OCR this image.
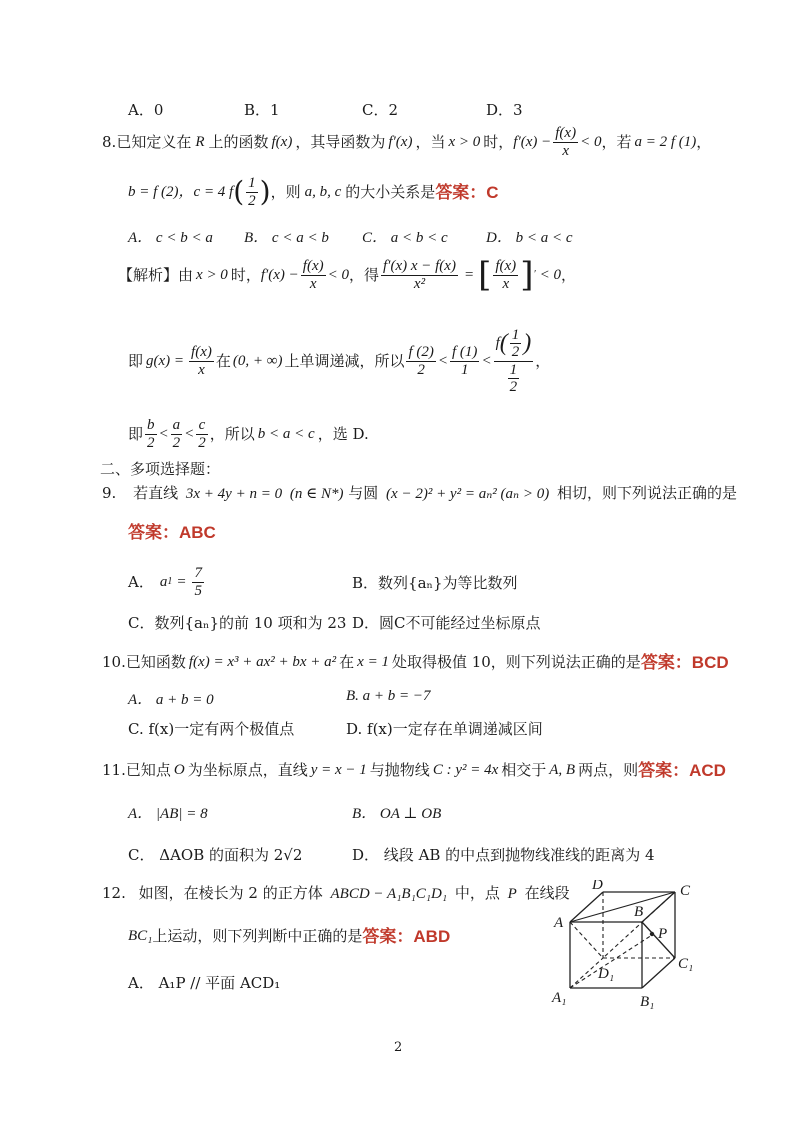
A．0	B．1	C．2	D．3
8. 已知定义在 R 上的函数 f(x) ，其导函数为 f′(x) ，当 x > 0 时， $f'(x) - \frac{f(x)}{x} < 0$ ，若 a = 2 f (1) ，
b = f (2) ，c = 4 f ( $\frac{1}{2}$ ) ，则 a, b, c 的大小关系是 答案：C
A． c < b < a B． c < a < b C． a < b < c	D． b < a < c
【解析】 由 x > 0 时， $f'(x) - \frac{f(x)}{x} < 0$ ，得 $\frac{f'(x) x - f(x)}{\text{x²}}$ = [ $\frac{f(x)}{x}$ ] ′ < 0 ，
即 $g(x) = \frac{f(x)}{x}$ 在 (0, + ∞) 上单调递减，所以 $\frac{f (2)}{2} < \frac{f (1)}{1} < \frac{f ( \frac{1}{2} )}{\frac{1}{2}}$ ，
即 $\frac{b}{2} < \frac{a}{2} < \frac{c}{2}$ ，所以 b < a < c ，选 D.
二、多项选择题：
9. 若直线 3x + 4y + n = 0 (n ∈ N*) 与圆 (x − 2)² + y² = aₙ² (aₙ > 0) 相切，则下列说法正确的是
答案：ABC
A． a $1 = \frac{7}{5}$	B．数列{aₙ}为等比数列
C．数列{aₙ}的前 10 项和为 23 D．圆C不可能经过坐标原点
10. 已知函数 f(x) = x³ + ax² + bx + a² 在 x = 1 处取得极值 10，则下列说法正确的是 答案：BCD
A． a + b = 0	B. a + b = −7
C. f(x)一定有两个极值点	D. f(x)一定存在单调递减区间
11. 已知点 O 为坐标原点，直线 y = x − 1 与抛物线 C : y² = 4x 相交于 A, B 两点，则 答案：ACD
A． |AB| = 8	B． OA ⊥ OB
C． ΔAOB 的面积为 2√2	D． 线段 AB 的中点到抛物线准线的距离为 4
12. 如图，在棱长为 2 的正方体 ABCD − A₁B₁C₁D₁ 中，点 P 在线段
BC₁ 上运动，则下列判断中正确的是 答案：ABD
A． A₁P // 平面 ACD₁
A
D	C
B
P
C₁
D₁
A₁	B₁
2
